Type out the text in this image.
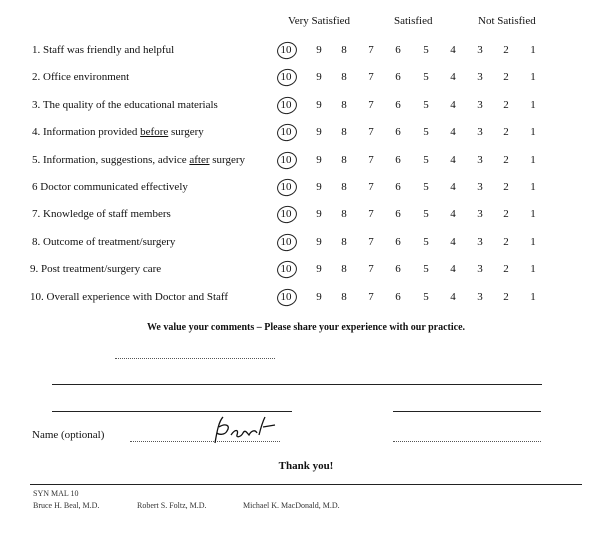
Very Satisfied	Satisfied	Not Satisfied
1. Staff was friendly and helpful	10	9	8	7	6	5	4	3	2	1
2. Office environment	10	9	8	7	6	5	4	3	2	1
3. The quality of the educational materials	10	9	8	7	6	5	4	3	2	1
4. Information provided before surgery	10	9	8	7	6	5	4	3	2	1
5. Information, suggestions, advice after surgery	10	9	8	7	6	5	4	3	2	1
6 Doctor communicated effectively	10	9	8	7	6	5	4	3	2	1
7. Knowledge of staff members	10	9	8	7	6	5	4	3	2	1
8. Outcome of treatment/surgery	10	9	8	7	6	5	4	3	2	1
9. Post treatment/surgery care	10	9	8	7	6	5	4	3	2	1
10. Overall experience with Doctor and Staff	10	9	8	7	6	5	4	3	2	1
We value your comments – Please share your experience with our practice.
Name (optional)
Thank you!
SYN MAL 10
Bruce H. Beal, M.D.	Robert S. Foltz, M.D.	Michael K. MacDonald, M.D.
